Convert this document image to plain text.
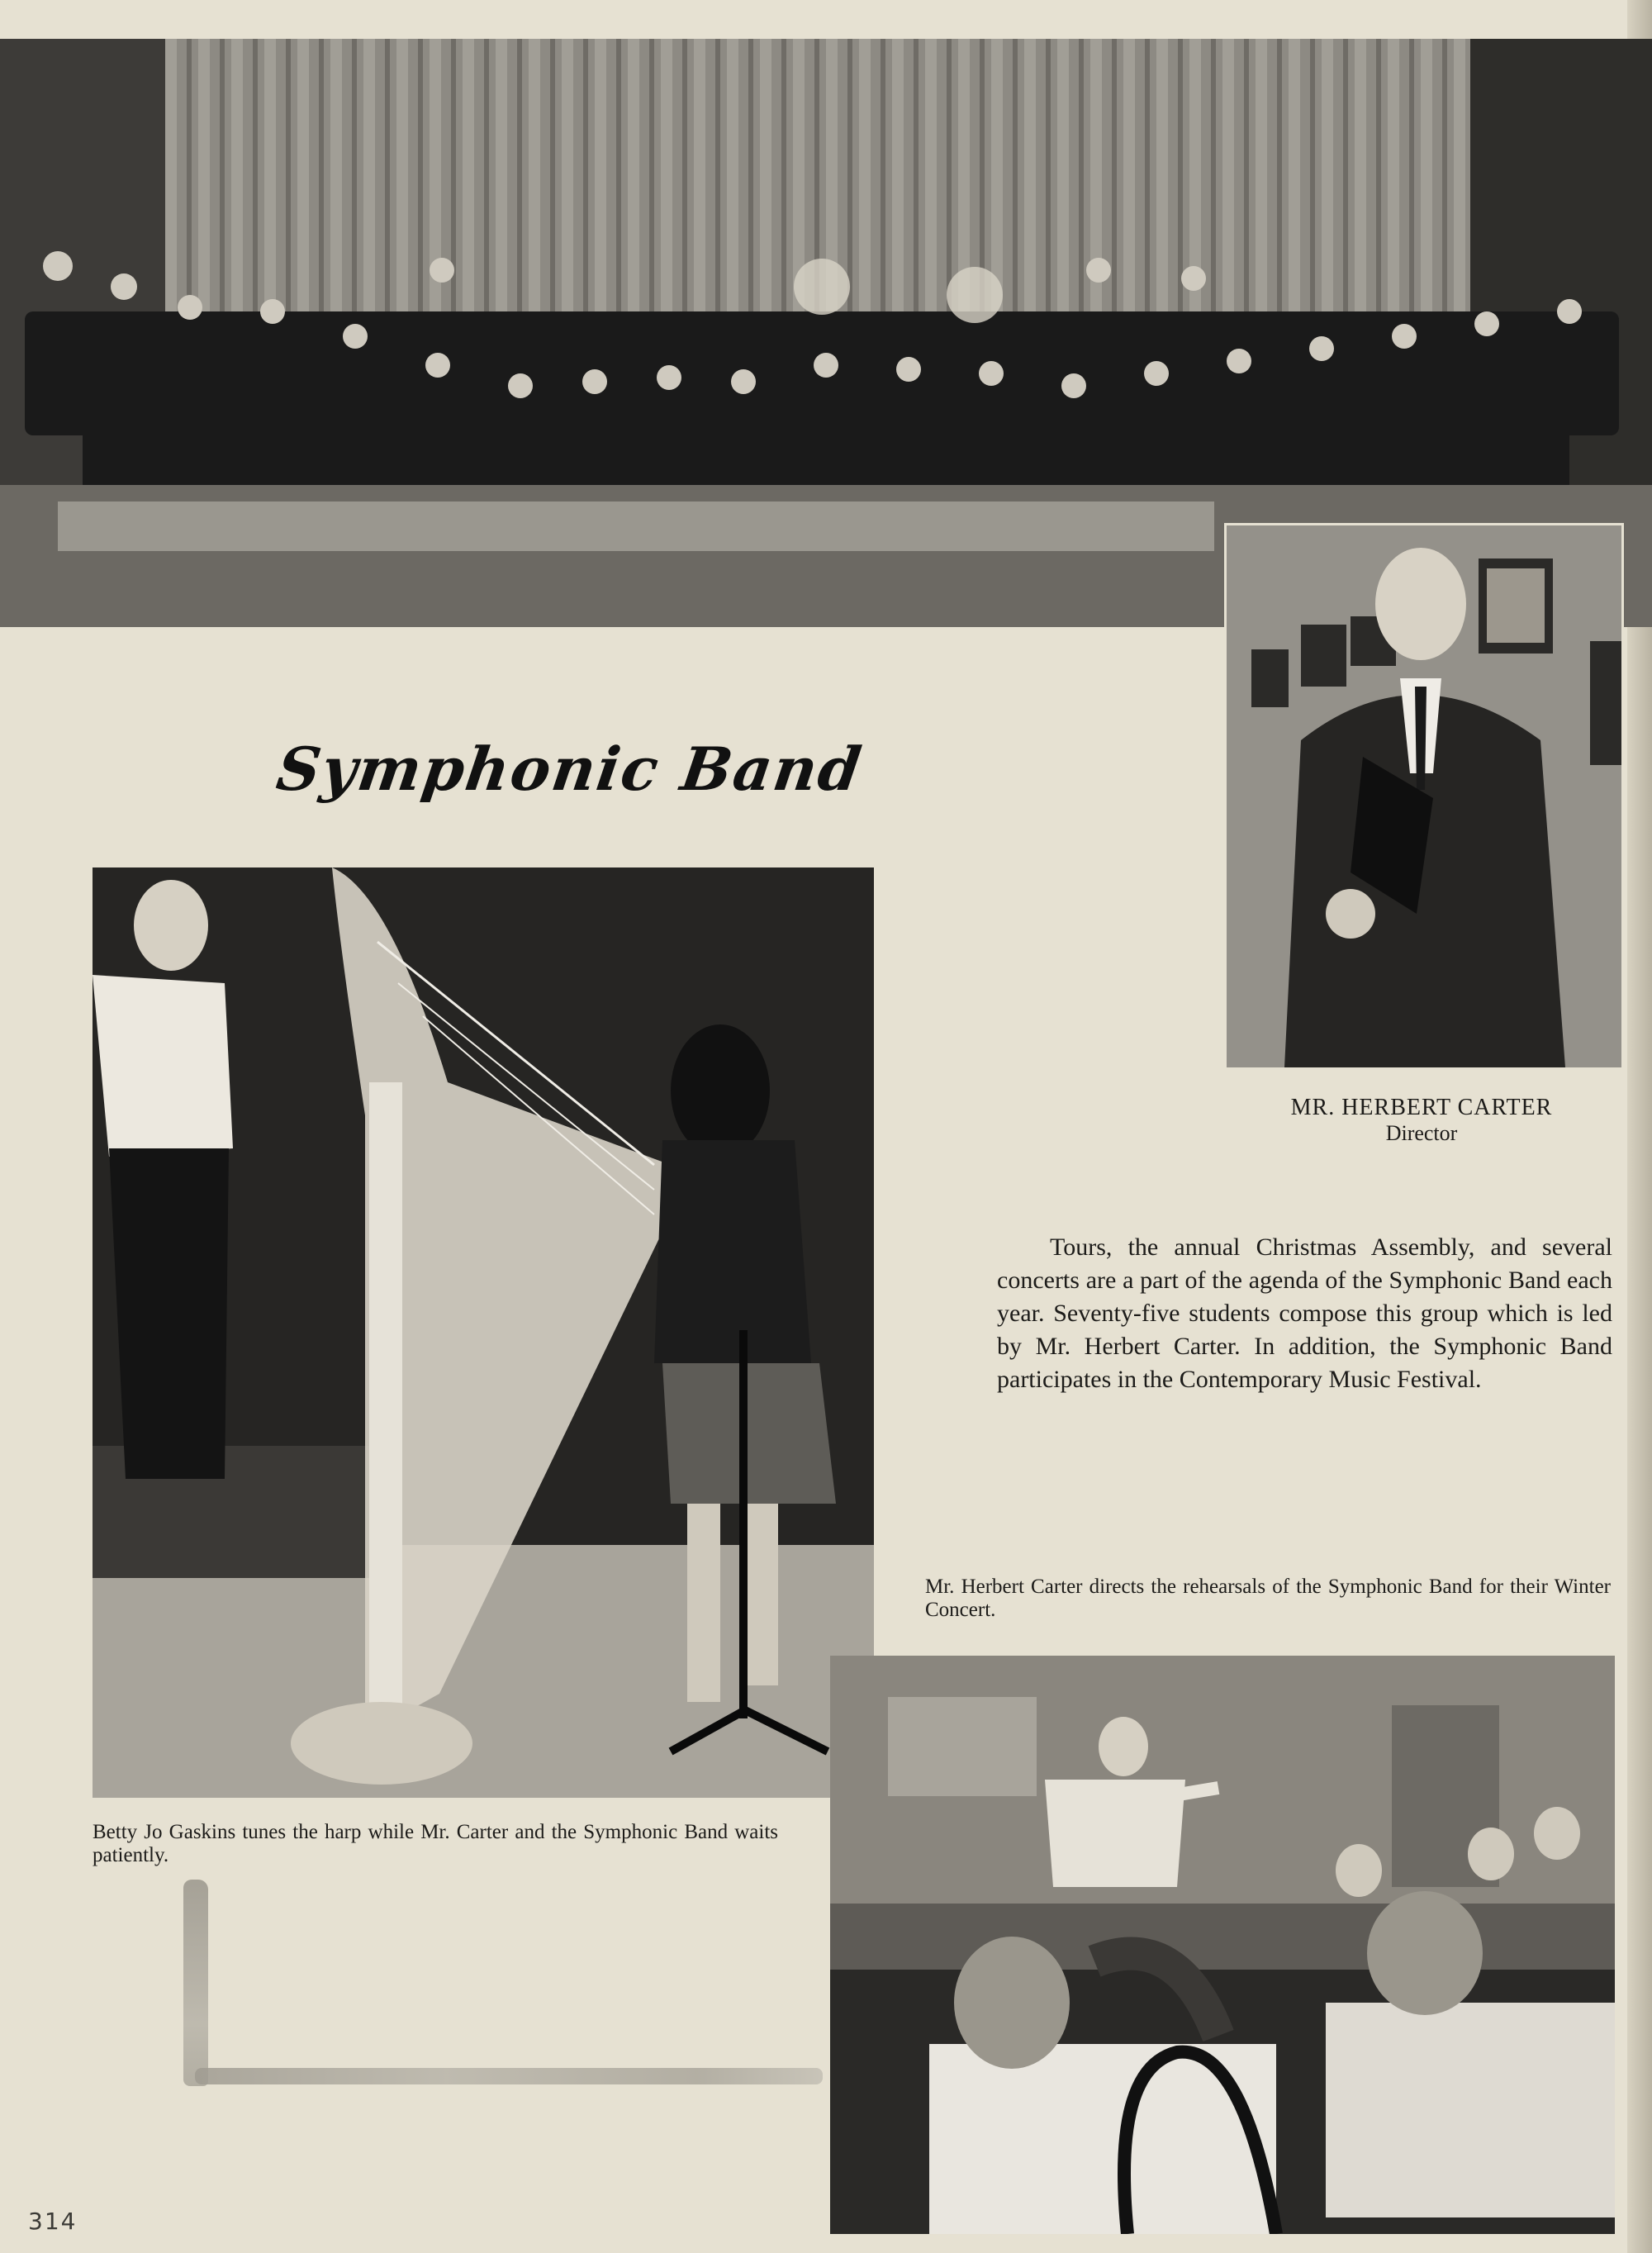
Symphonic Band
MR. HERBERT CARTER
Director
Tours, the annual Christmas Assembly, and several concerts are a part of the agenda of the Symphonic Band each year. Seventy-five students compose this group which is led by Mr. Herbert Carter. In addition, the Symphonic Band participates in the Contemporary Music Festival.
Mr. Herbert Carter directs the rehearsals of the Symphonic Band for their Winter Concert.
Betty Jo Gaskins tunes the harp while Mr. Carter and the Symphonic Band waits patiently.
314
